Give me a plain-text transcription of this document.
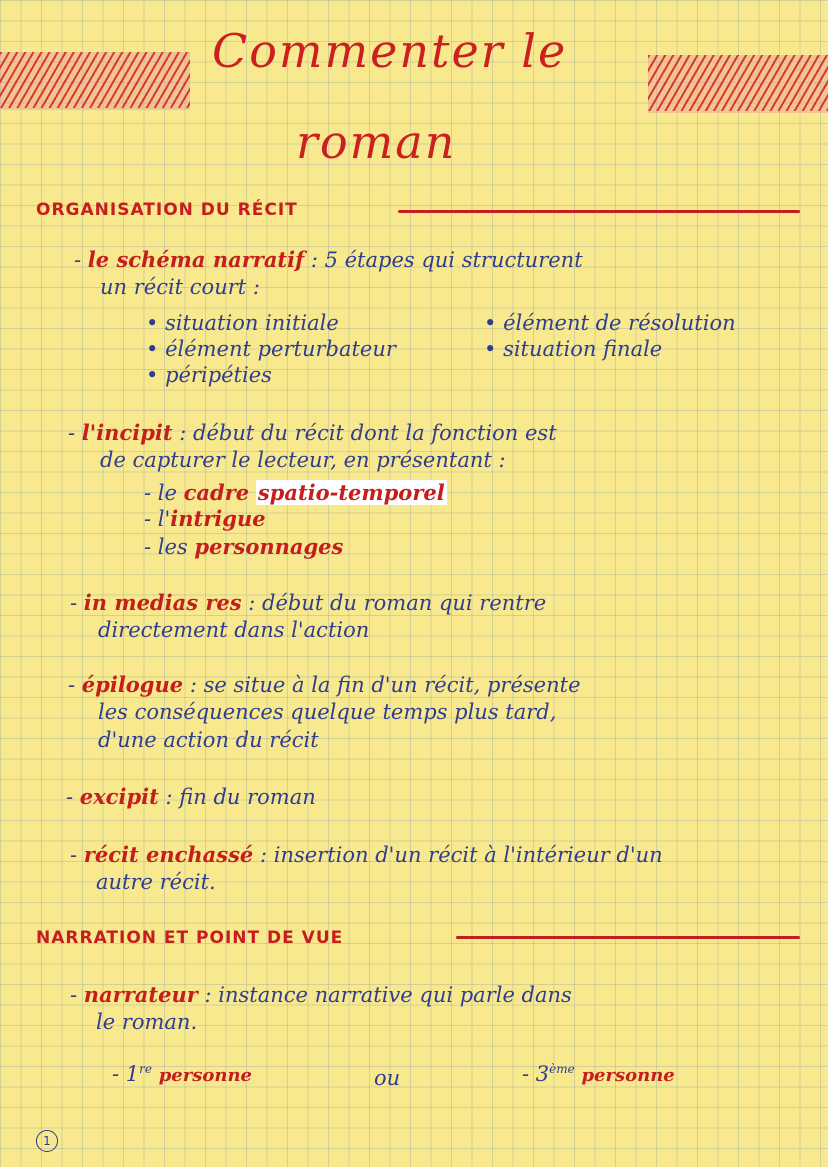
Commenter le
roman
ORGANISATION DU RÉCIT
- le schéma narratif : 5 étapes qui structurent
un récit court :
• situation initiale
• élément perturbateur
• péripéties
• élément de résolution
• situation finale
- l'incipit : début du récit dont la fonction est
de capturer le lecteur, en présentant :
- le cadre spatio-temporel
- l'intrigue
- les personnages
- in medias res : début du roman qui rentre
directement dans l'action
- épilogue : se situe à la fin d'un récit, présente
les conséquences quelque temps plus tard,
d'une action du récit
- excipit : fin du roman
- récit enchassé : insertion d'un récit à l'intérieur d'un
autre récit.
NARRATION ET POINT DE VUE
- narrateur : instance narrative qui parle dans
le roman.
- 1re personne	ou	- 3ème personne
1
